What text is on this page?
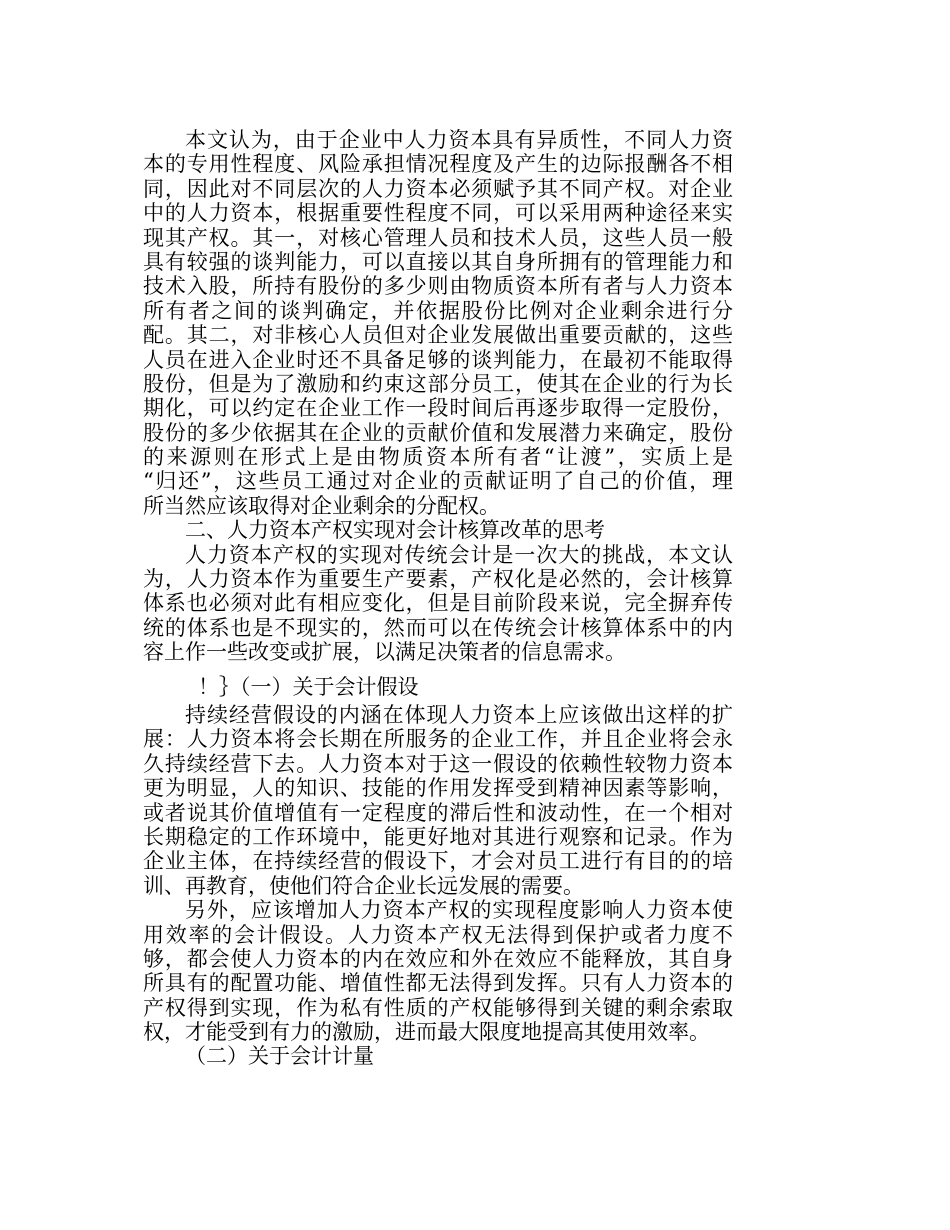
本文认为，由于企业中人力资本具有异质性，不同人力资
本的专用性程度、风险承担情况程度及产生的边际报酬各不相
同，因此对不同层次的人力资本必须赋予其不同产权。对企业
中的人力资本，根据重要性程度不同，可以采用两种途径来实
现其产权。其一，对核心管理人员和技术人员，这些人员一般
具有较强的谈判能力，可以直接以其自身所拥有的管理能力和
技术入股，所持有股份的多少则由物质资本所有者与人力资本
所有者之间的谈判确定，并依据股份比例对企业剩余进行分
配。其二，对非核心人员但对企业发展做出重要贡献的，这些
人员在进入企业时还不具备足够的谈判能力，在最初不能取得
股份，但是为了激励和约束这部分员工，使其在企业的行为长
期化，可以约定在企业工作一段时间后再逐步取得一定股份，
股份的多少依据其在企业的贡献价值和发展潜力来确定，股份
的来源则在形式上是由物质资本所有者“让渡”，实质上是
“归还”，这些员工通过对企业的贡献证明了自己的价值，理
所当然应该取得对企业剩余的分配权。
二、人力资本产权实现对会计核算改革的思考
人力资本产权的实现对传统会计是一次大的挑战，本文认
为，人力资本作为重要生产要素，产权化是必然的，会计核算
体系也必须对此有相应变化，但是目前阶段来说，完全摒弃传
统的体系也是不现实的，然而可以在传统会计核算体系中的内
容上作一些改变或扩展，以满足决策者的信息需求。
！｝（一）关于会计假设
持续经营假设的内涵在体现人力资本上应该做出这样的扩
展：人力资本将会长期在所服务的企业工作，并且企业将会永
久持续经营下去。人力资本对于这一假设的依赖性较物力资本
更为明显，人的知识、技能的作用发挥受到精神因素等影响，
或者说其价值增值有一定程度的滞后性和波动性，在一个相对
长期稳定的工作环境中，能更好地对其进行观察和记录。作为
企业主体，在持续经营的假设下，才会对员工进行有目的的培
训、再教育，使他们符合企业长远发展的需要。
另外，应该增加人力资本产权的实现程度影响人力资本使
用效率的会计假设。人力资本产权无法得到保护或者力度不
够，都会使人力资本的内在效应和外在效应不能释放，其自身
所具有的配置功能、增值性都无法得到发挥。只有人力资本的
产权得到实现，作为私有性质的产权能够得到关键的剩余索取
权，才能受到有力的激励，进而最大限度地提高其使用效率。
（二）关于会计计量
